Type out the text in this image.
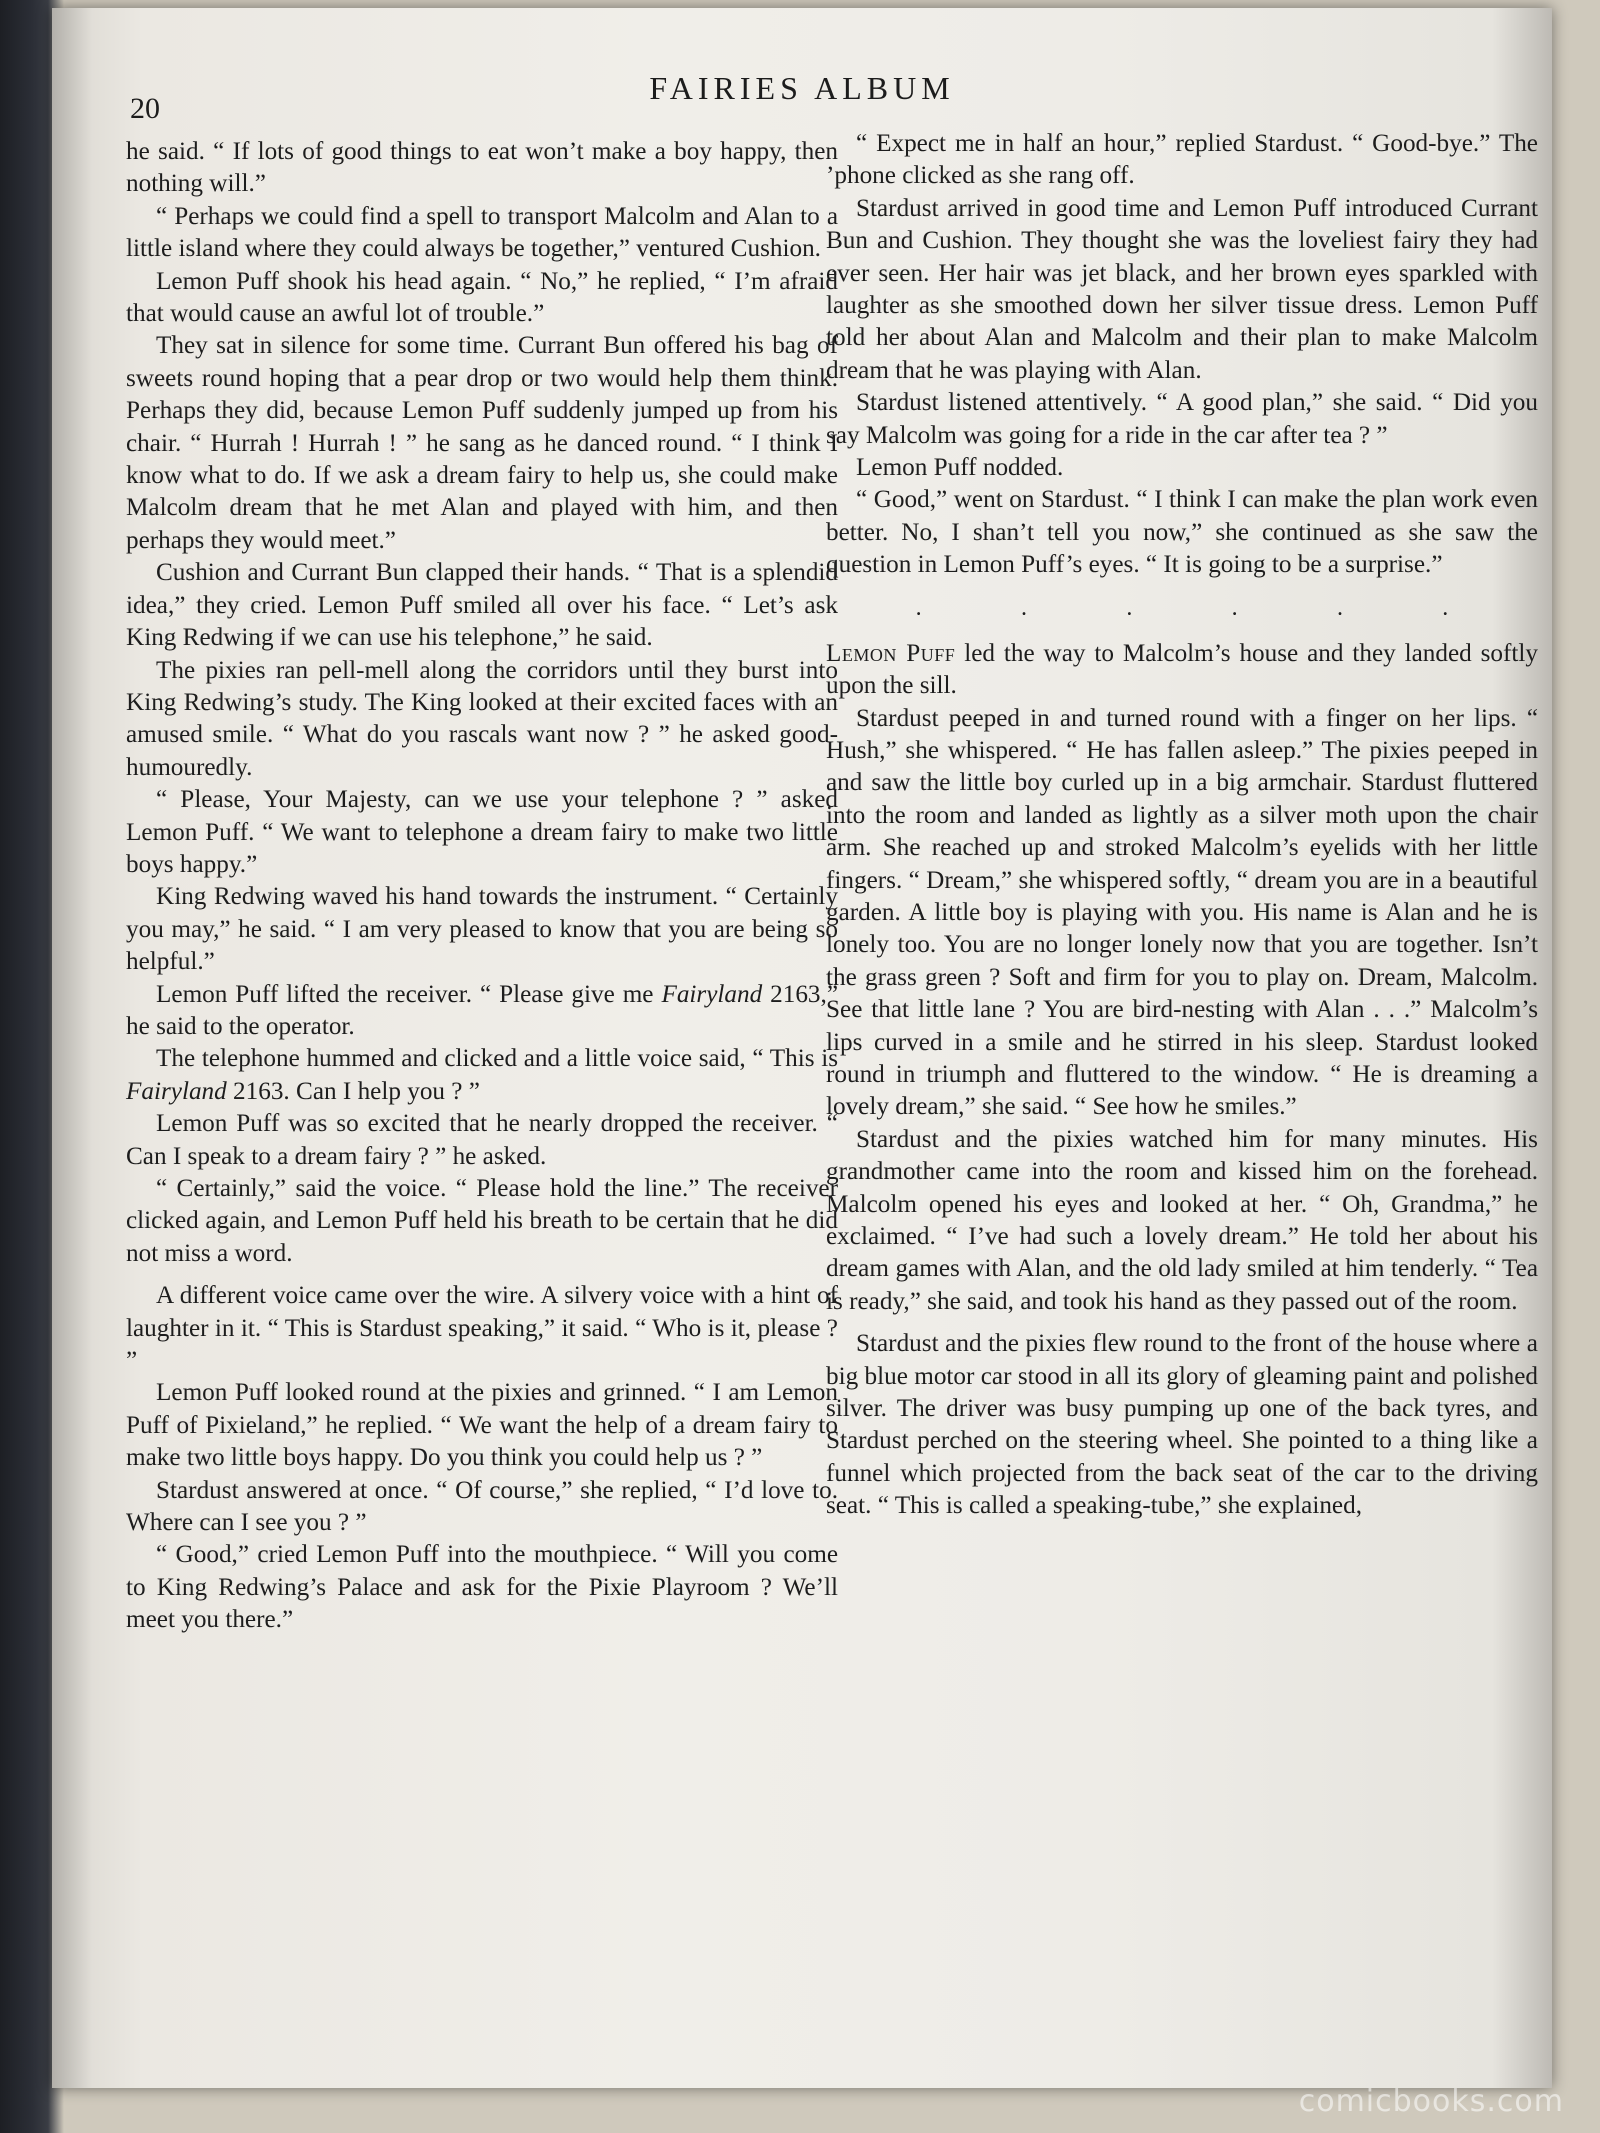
20
FAIRIES ALBUM

he said. “ If lots of good things to eat won’t make a boy happy, then nothing will.”

“ Perhaps we could find a spell to transport Malcolm and Alan to a little island where they could always be together,” ventured Cushion.

Lemon Puff shook his head again. “ No,” he replied, “ I’m afraid that would cause an awful lot of trouble.”

They sat in silence for some time. Currant Bun offered his bag of sweets round hoping that a pear drop or two would help them think. Perhaps they did, because Lemon Puff suddenly jumped up from his chair. “ Hurrah ! Hurrah ! ” he sang as he danced round. “ I think I know what to do. If we ask a dream fairy to help us, she could make Malcolm dream that he met Alan and played with him, and then perhaps they would meet.”

Cushion and Currant Bun clapped their hands. “ That is a splendid idea,” they cried. Lemon Puff smiled all over his face. “ Let’s ask King Redwing if we can use his telephone,” he said.

The pixies ran pell-mell along the corridors until they burst into King Redwing’s study. The King looked at their excited faces with an amused smile. “ What do you rascals want now ? ” he asked good-humouredly.

“ Please, Your Majesty, can we use your telephone ? ” asked Lemon Puff. “ We want to telephone a dream fairy to make two little boys happy.”

King Redwing waved his hand towards the instrument. “ Certainly you may,” he said. “ I am very pleased to know that you are being so helpful.”

Lemon Puff lifted the receiver. “ Please give me Fairyland 2163,” he said to the operator.

The telephone hummed and clicked and a little voice said, “ This is Fairyland 2163. Can I help you ? ”

Lemon Puff was so excited that he nearly dropped the receiver. “ Can I speak to a dream fairy ? ” he asked.

“ Certainly,” said the voice. “ Please hold the line.” The receiver clicked again, and Lemon Puff held his breath to be certain that he did not miss a word.

A different voice came over the wire. A silvery voice with a hint of laughter in it. “ This is Stardust speaking,” it said. “ Who is it, please ? ”

Lemon Puff looked round at the pixies and grinned. “ I am Lemon Puff of Pixieland,” he replied. “ We want the help of a dream fairy to make two little boys happy. Do you think you could help us ? ”

Stardust answered at once. “ Of course,” she replied, “ I’d love to. Where can I see you ? ”

“ Good,” cried Lemon Puff into the mouthpiece. “ Will you come to King Redwing’s Palace and ask for the Pixie Playroom ? We’ll meet you there.”

“ Expect me in half an hour,” replied Stardust. “ Good-bye.” The ’phone clicked as she rang off.

Stardust arrived in good time and Lemon Puff introduced Currant Bun and Cushion. They thought she was the loveliest fairy they had ever seen. Her hair was jet black, and her brown eyes sparkled with laughter as she smoothed down her silver tissue dress. Lemon Puff told her about Alan and Malcolm and their plan to make Malcolm dream that he was playing with Alan.

Stardust listened attentively. “ A good plan,” she said. “ Did you say Malcolm was going for a ride in the car after tea ? ”

Lemon Puff nodded.

“ Good,” went on Stardust. “ I think I can make the plan work even better. No, I shan’t tell you now,” she continued as she saw the question in Lemon Puff’s eyes. “ It is going to be a surprise.”

.	.	.	.	.	.

Lemon Puff led the way to Malcolm’s house and they landed softly upon the sill.

Stardust peeped in and turned round with a finger on her lips. “ Hush,” she whispered. “ He has fallen asleep.” The pixies peeped in and saw the little boy curled up in a big armchair. Stardust fluttered into the room and landed as lightly as a silver moth upon the chair arm. She reached up and stroked Malcolm’s eyelids with her little fingers. “ Dream,” she whispered softly, “ dream you are in a beautiful garden. A little boy is playing with you. His name is Alan and he is lonely too. You are no longer lonely now that you are together. Isn’t the grass green ? Soft and firm for you to play on. Dream, Malcolm. See that little lane ? You are bird-nesting with Alan . . .” Malcolm’s lips curved in a smile and he stirred in his sleep. Stardust looked round in triumph and fluttered to the window. “ He is dreaming a lovely dream,” she said. “ See how he smiles.”

Stardust and the pixies watched him for many minutes. His grandmother came into the room and kissed him on the forehead. Malcolm opened his eyes and looked at her. “ Oh, Grandma,” he exclaimed. “ I’ve had such a lovely dream.” He told her about his dream games with Alan, and the old lady smiled at him tenderly. “ Tea is ready,” she said, and took his hand as they passed out of the room.

Stardust and the pixies flew round to the front of the house where a big blue motor car stood in all its glory of gleaming paint and polished silver. The driver was busy pumping up one of the back tyres, and Stardust perched on the steering wheel. She pointed to a thing like a funnel which projected from the back seat of the car to the driving seat. “ This is called a speaking-tube,” she explained,

comicbooks.com
